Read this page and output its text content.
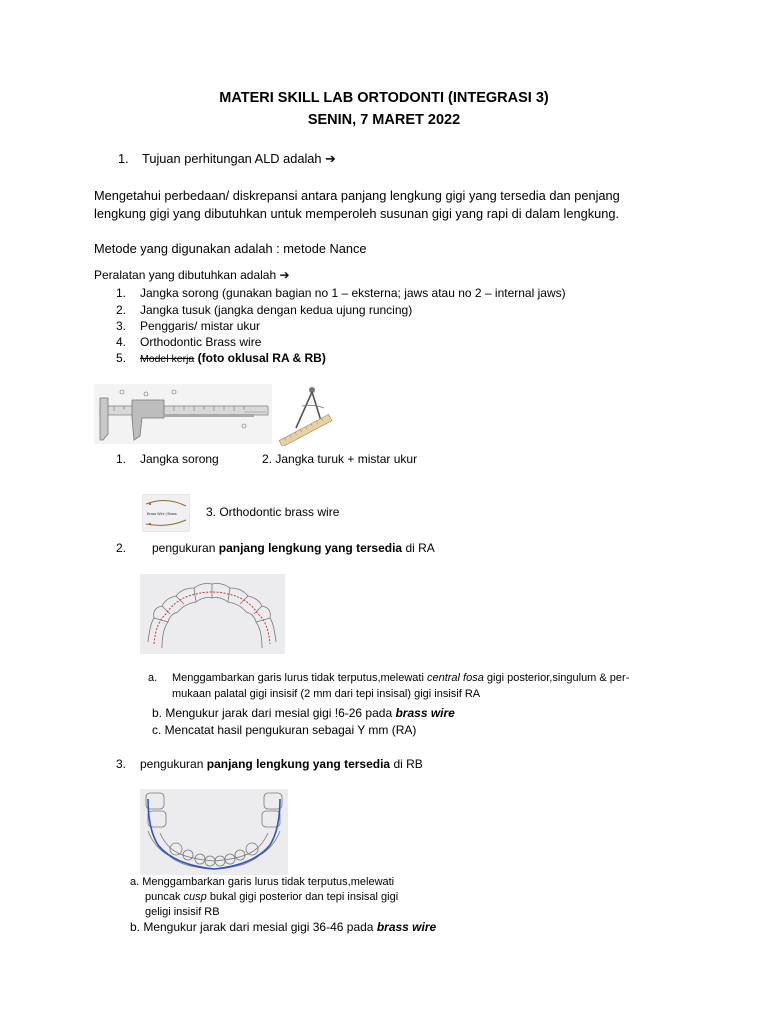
MATERI SKILL LAB ORTODONTI (INTEGRASI 3)
SENIN, 7 MARET 2022
1. Tujuan perhitungan ALD adalah ➔
Mengetahui perbedaan/ diskrepansi antara panjang lengkung gigi yang tersedia dan penjang
lengkung gigi yang dibutuhkan untuk memperoleh susunan gigi yang rapi di dalam lengkung.
Metode yang digunakan adalah : metode Nance
Peralatan yang dibutuhkan adalah ➔
1. Jangka sorong (gunakan bagian no 1 – eksterna; jaws atau no 2 – internal jaws)
2. Jangka tusuk (jangka dengan kedua ujung runcing)
3. Penggaris/ mistar ukur
4. Orthodontic Brass wire
5. Model kerja (foto oklusal RA & RB)
1. Jangka sorong	2. Jangka turuk + mistar ukur
Brass Wire | Brass 3. Orthodontic brass wire
2. pengukuran panjang lengkung yang tersedia di RA
a. Menggambarkan garis lurus tidak terputus,melewati central fosa gigi posterior,singulum & per-
mukaan palatal gigi insisif (2 mm dari tepi insisal) gigi insisif RA
b. Mengukur jarak dari mesial gigi !6-26 pada brass wire
c. Mencatat hasil pengukuran sebagai Y mm (RA)
3. pengukuran panjang lengkung yang tersedia di RB
a. Menggambarkan garis lurus tidak terputus,melewati
puncak cusp bukal gigi posterior dan tepi insisal gigi
geligi insisif RB
b. Mengukur jarak dari mesial gigi 36-46 pada brass wire
